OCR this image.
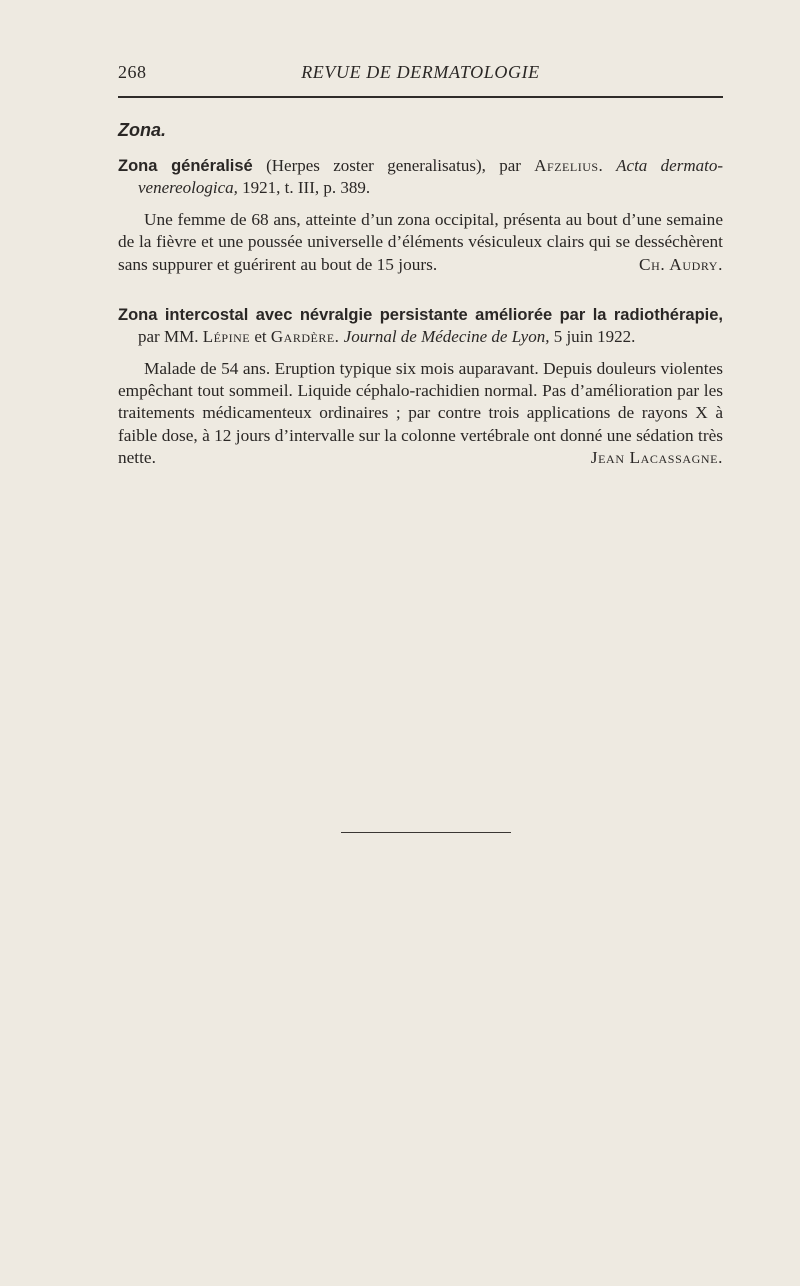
268	REVUE DE DERMATOLOGIE
Zona.

Zona généralisé (Herpes zoster generalisatus), par Afzelius. Acta dermato-venereologica, 1921, t. III, p. 389.

Une femme de 68 ans, atteinte d’un zona occipital, présenta au bout d’une semaine de la fièvre et une poussée universelle d’éléments vésiculeux clairs qui se desséchèrent sans suppurer et guérirent au bout de 15 jours.	Ch. Audry.

Zona intercostal avec névralgie persistante améliorée par la radiothérapie, par MM. Lépine et Gardère. Journal de Médecine de Lyon, 5 juin 1922.

Malade de 54 ans. Eruption typique six mois auparavant. Depuis douleurs violentes empêchant tout sommeil. Liquide céphalo-rachidien normal. Pas d’amélioration par les traitements médicamenteux ordinaires ; par contre trois applications de rayons X à faible dose, à 12 jours d’intervalle sur la colonne vertébrale ont donné une sédation très nette.	Jean Lacassagne.
